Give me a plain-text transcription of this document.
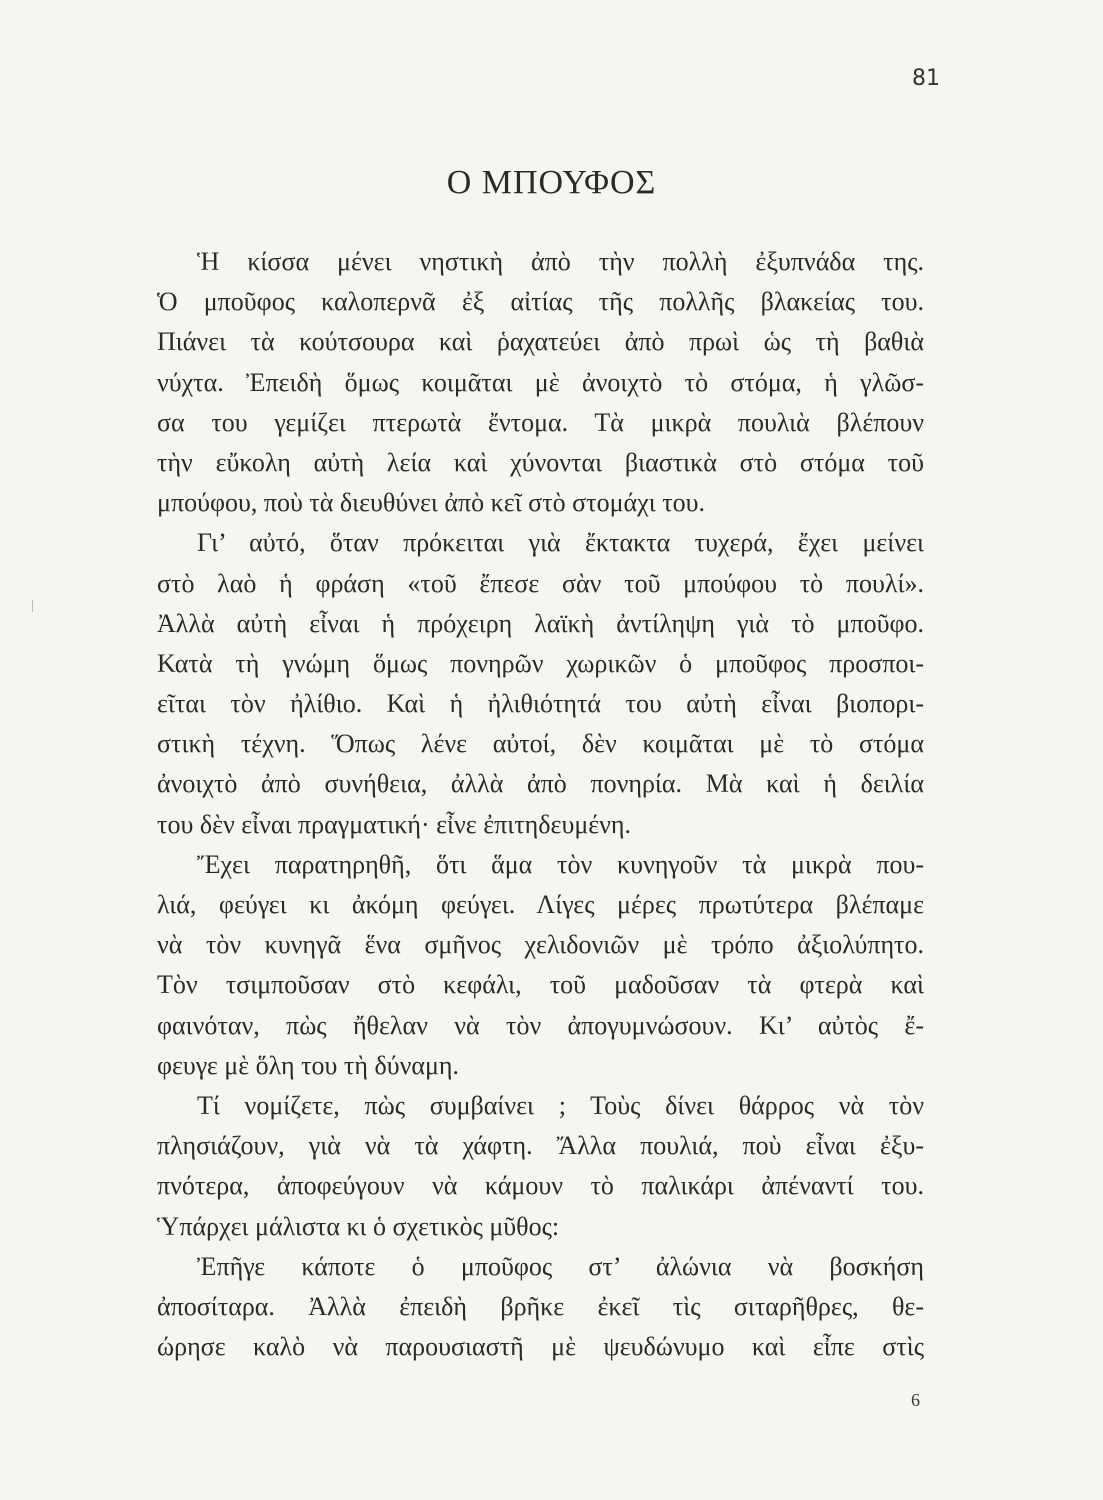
81
Ο ΜΠΟΥΦΟΣ
Ἡ κίσσα μένει νηστικὴ ἀπὸ τὴν πολλὴ ἐξυπνάδα της.
Ὁ μποῦφος καλοπερνᾶ ἐξ αἰτίας τῆς πολλῆς βλακείας του.
Πιάνει τὰ κούτσουρα καὶ ῥαχατεύει ἀπὸ πρωὶ ὡς τὴ βαθιὰ
νύχτα. Ἐπειδὴ ὅμως κοιμᾶται μὲ ἀνοιχτὸ τὸ στόμα, ἡ γλῶσ-
σα του γεμίζει πτερωτὰ ἔντομα. Τὰ μικρὰ πουλιὰ βλέπουν
τὴν εὔκολη αὐτὴ λεία καὶ χύνονται βιαστικὰ στὸ στόμα τοῦ
μπούφου, ποὺ τὰ διευθύνει ἀπὸ κεῖ στὸ στομάχι του.
Γι’ αὐτό, ὅταν πρόκειται γιὰ ἔκτακτα τυχερά, ἔχει μείνει
στὸ λαὸ ἡ φράση «τοῦ ἔπεσε σὰν τοῦ μπούφου τὸ πουλί».
Ἀλλὰ αὐτὴ εἶναι ἡ πρόχειρη λαϊκὴ ἀντίληψη γιὰ τὸ μποῦφο.
Κατὰ τὴ γνώμη ὅμως πονηρῶν χωρικῶν ὁ μποῦφος προσποι-
εῖται τὸν ἠλίθιο. Καὶ ἡ ἠλιθιότητά του αὐτὴ εἶναι βιοπορι-
στικὴ τέχνη. Ὅπως λένε αὐτοί, δὲν κοιμᾶται μὲ τὸ στόμα
ἀνοιχτὸ ἀπὸ συνήθεια, ἀλλὰ ἀπὸ πονηρία. Μὰ καὶ ἡ δειλία
του δὲν εἶναι πραγματική· εἶνε ἐπιτηδευμένη.
Ἔχει παρατηρηθῆ, ὅτι ἅμα τὸν κυνηγοῦν τὰ μικρὰ που-
λιά, φεύγει κι ἀκόμη φεύγει. Λίγες μέρες πρωτύτερα βλέπαμε
νὰ τὸν κυνηγᾶ ἕνα σμῆνος χελιδονιῶν μὲ τρόπο ἀξιολύπητο.
Τὸν τσιμποῦσαν στὸ κεφάλι, τοῦ μαδοῦσαν τὰ φτερὰ καὶ
φαινόταν, πὼς ἤθελαν νὰ τὸν ἀπογυμνώσουν. Κι’ αὐτὸς ἔ-
φευγε μὲ ὅλη του τὴ δύναμη.
Τί νομίζετε, πὼς συμβαίνει ; Τοὺς δίνει θάρρος νὰ τὸν
πλησιάζουν, γιὰ νὰ τὰ χάφτη. Ἄλλα πουλιά, ποὺ εἶναι ἐξυ-
πνότερα, ἀποφεύγουν νὰ κάμουν τὸ παλικάρι ἀπέναντί του.
Ὑπάρχει μάλιστα κι ὁ σχετικὸς μῦθος:
Ἐπῆγε κάποτε ὁ μποῦφος στ’ ἀλώνια νὰ βοσκήση
ἀποσίταρα. Ἀλλὰ ἐπειδὴ βρῆκε ἐκεῖ τὶς σιταρῆθρες, θε-
ώρησε καλὸ νὰ παρουσιαστῆ μὲ ψευδώνυμο καὶ εἶπε στὶς
6
